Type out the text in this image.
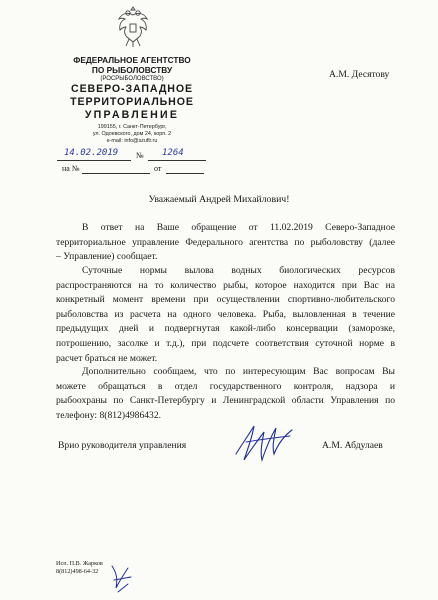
ФЕДЕРАЛЬНОЕ АГЕНТСТВО
ПО РЫБОЛОВСТВУ
(РОСРЫБОЛОВСТВО)
СЕВЕРО-ЗАПАДНОЕ
ТЕРРИТОРИАЛЬНОЕ
УПРАВЛЕНИЕ
199155, г. Санкт-Петербург,
ул. Одоевского, дом 24, корп. 2
e-mail: info@szuflr.ru
14.02.2019 № 1264
на №	от
А.М. Десятову
Уважаемый Андрей Михайлович!
В ответ на Ваше обращение от 11.02.2019 Северо-Западное
территориальное управление Федерального агентства по рыболовству (далее
– Управление) сообщает.
Суточные нормы вылова водных биологических ресурсов
распространяются на то количество рыбы, которое находится при Вас на
конкретный момент времени при осуществлении спортивно-любительского
рыболовства из расчета на одного человека. Рыба, выловленная в течение
предыдущих дней и подвергнутая какой-либо консервации (заморозке,
потрошению, засолке и т.д.), при подсчете соответствия суточной норме в
расчет браться не может.
Дополнительно сообщаем, что по интересующим Вас вопросам Вы
можете обращаться в отдел государственного контроля, надзора и
рыбоохраны по Санкт-Петербургу и Ленинградской области Управления по
телефону: 8(812)4986432.
Врио руководителя управления	А.М. Абдулаев
Исп. П.В. Жарков
8(812)498-64-32
